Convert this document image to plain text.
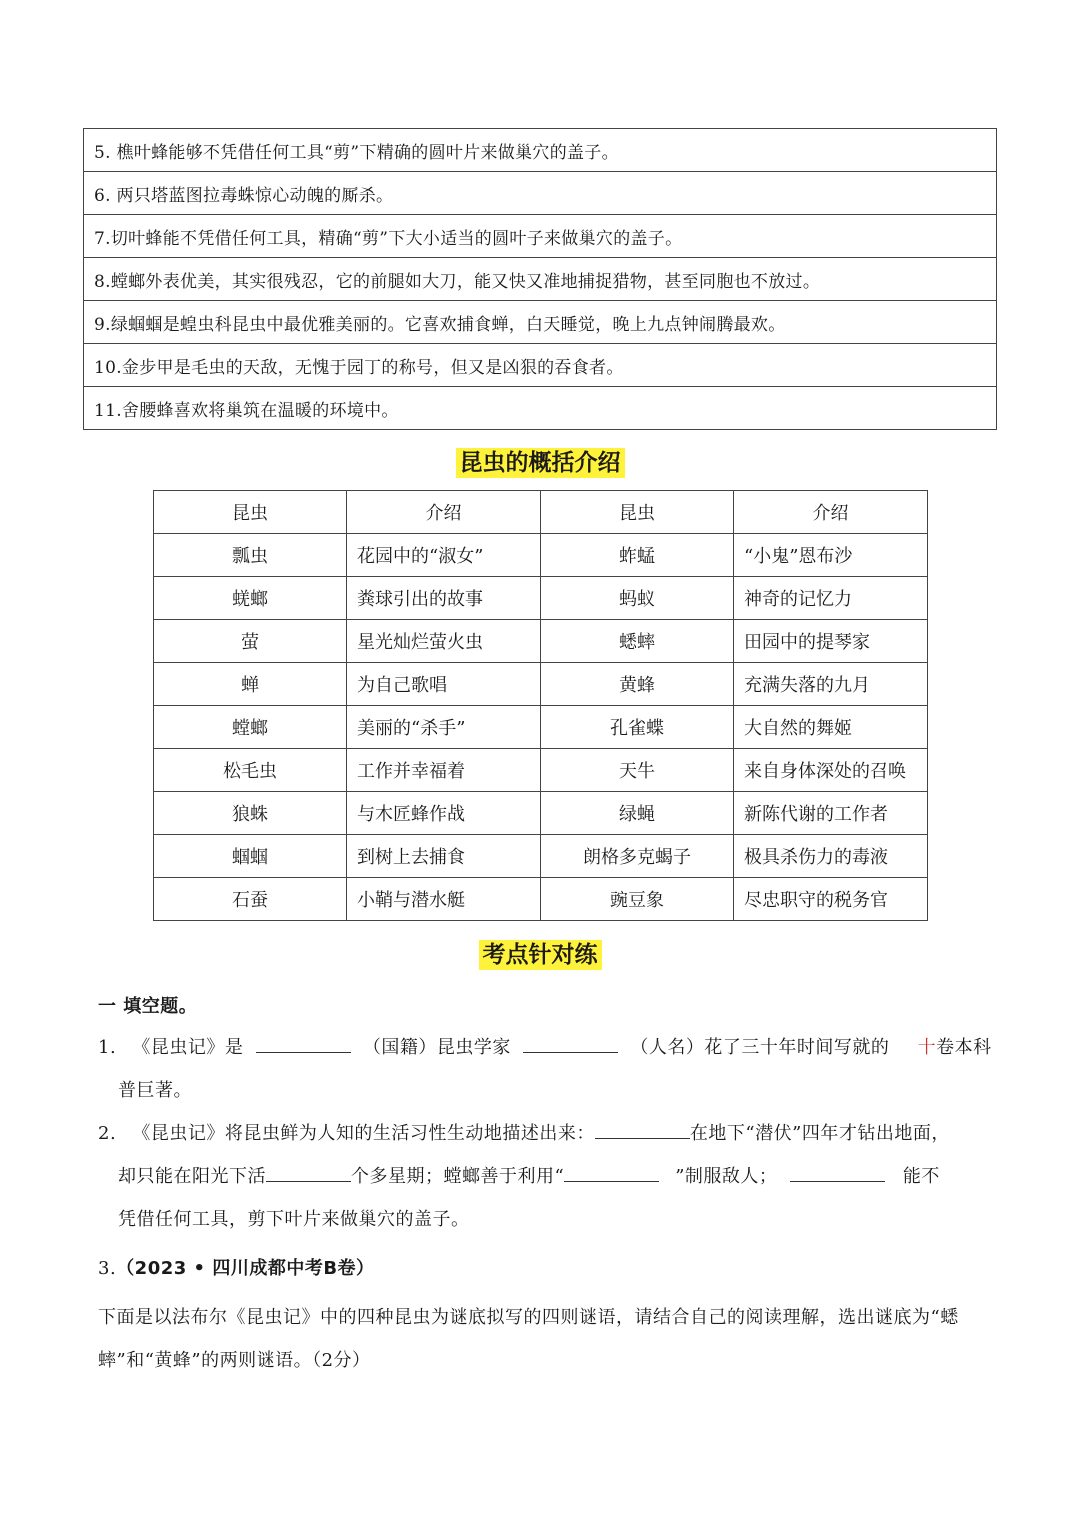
5. 樵叶蜂能够不凭借任何工具“剪”下精确的圆叶片来做巢穴的盖子。
6. 两只塔蓝图拉毒蛛惊心动魄的厮杀。
7.切叶蜂能不凭借任何工具，精确“剪”下大小适当的圆叶子来做巢穴的盖子。
8.螳螂外表优美，其实很残忍，它的前腿如大刀，能又快又准地捕捉猎物，甚至同胞也不放过。
9.绿蝈蝈是蝗虫科昆虫中最优雅美丽的。它喜欢捕食蝉，白天睡觉，晚上九点钟闹腾最欢。
10.金步甲是毛虫的天敌，无愧于园丁的称号，但又是凶狠的吞食者。
11.舍腰蜂喜欢将巢筑在温暖的环境中。
昆虫的概括介绍
昆虫	介绍	昆虫	介绍
瓢虫	花园中的“淑女”	蚱蜢	“小鬼”恩布沙
蜣螂	粪球引出的故事	蚂蚁	神奇的记忆力
萤	星光灿烂萤火虫	蟋蟀	田园中的提琴家
蝉	为自己歌唱	黄蜂	充满失落的九月
螳螂	美丽的“杀手”	孔雀蝶	大自然的舞姬
松毛虫	工作并幸福着	天牛	来自身体深处的召唤
狼蛛	与木匠蜂作战	绿蝇	新陈代谢的工作者
蝈蝈	到树上去捕食	朗格多克蝎子	极具杀伤力的毒液
石蚕	小鞘与潜水艇	豌豆象	尽忠职守的税务官
考点针对练
一 填空题。
1. 《昆虫记》是	（国籍）昆虫学家	（人名）花了三十年时间写就的 十卷本科
普巨著。
2. 《昆虫记》将昆虫鲜为人知的生活习性生动地描述出来：	在地下“潜伏”四年才钻出地面，
却只能在阳光下活	个多星期；螳螂善于利用“	”制服敌人；	能不
凭借任何工具，剪下叶片来做巢穴的盖子。
3.（2023 • 四川成都中考B卷）
下面是以法布尔《昆虫记》中的四种昆虫为谜底拟写的四则谜语，请结合自己的阅读理解，选出谜底为“蟋
蟀”和“黄蜂”的两则谜语。（2分）
